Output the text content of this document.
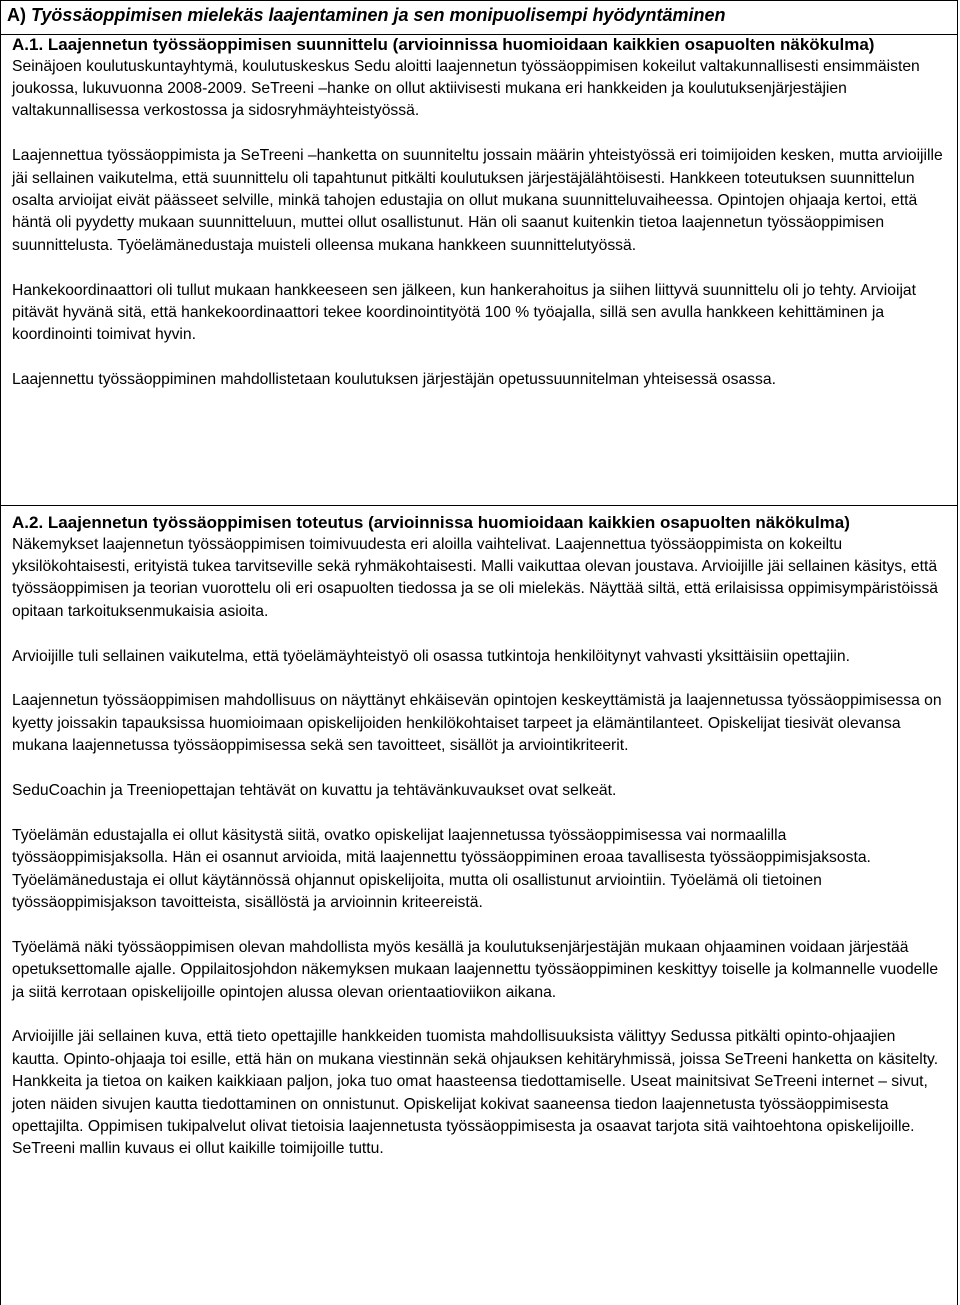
A) Työssäoppimisen mielekäs laajentaminen ja sen monipuolisempi hyödyntäminen
A.1. Laajennetun työssäoppimisen suunnittelu (arvioinnissa huomioidaan kaikkien osapuolten näkökulma)

Seinäjoen koulutuskuntayhtymä, koulutuskeskus Sedu aloitti laajennetun työssäoppimisen kokeilut valtakunnallisesti ensimmäisten joukossa, lukuvuonna 2008-2009. SeTreeni –hanke on ollut aktiivisesti mukana eri hankkeiden ja koulutuksenjärjestäjien valtakunnallisessa verkostossa ja sidosryhmäyhteistyössä.

Laajennettua työssäoppimista ja SeTreeni –hanketta on suunniteltu jossain määrin yhteistyössä eri toimijoiden kesken, mutta arvioijille jäi sellainen vaikutelma, että suunnittelu oli tapahtunut pitkälti koulutuksen järjestäjälähtöisesti. Hankkeen toteutuksen suunnittelun osalta arvioijat eivät päässeet selville, minkä tahojen edustajia on ollut mukana suunnitteluvaiheessa. Opintojen ohjaaja kertoi, että häntä oli pyydetty mukaan suunnitteluun, muttei ollut osallistunut. Hän oli saanut kuitenkin tietoa laajennetun työssäoppimisen suunnittelusta. Työelämänedustaja muisteli olleensa mukana hankkeen suunnittelutyössä.

Hankekoordinaattori oli tullut mukaan hankkeeseen sen jälkeen, kun hankerahoitus ja siihen liittyvä suunnittelu oli jo tehty. Arvioijat pitävät hyvänä sitä, että hankekoordinaattori tekee koordinointityötä 100 % työajalla, sillä sen avulla hankkeen kehittäminen ja koordinointi toimivat hyvin.

Laajennettu työssäoppiminen mahdollistetaan koulutuksen järjestäjän opetussuunnitelman yhteisessä osassa.

A.2. Laajennetun työssäoppimisen toteutus (arvioinnissa huomioidaan kaikkien osapuolten näkökulma)

Näkemykset laajennetun työssäoppimisen toimivuudesta eri aloilla vaihtelivat. Laajennettua työssäoppimista on kokeiltu yksilökohtaisesti, erityistä tukea tarvitseville sekä ryhmäkohtaisesti. Malli vaikuttaa olevan joustava. Arvioijille jäi sellainen käsitys, että työssäoppimisen ja teorian vuorottelu oli eri osapuolten tiedossa ja se oli mielekäs. Näyttää siltä, että erilaisissa oppimisympäristöissä opitaan tarkoituksenmukaisia asioita.

Arvioijille tuli sellainen vaikutelma, että työelämäyhteistyö oli osassa tutkintoja henkilöitynyt vahvasti yksittäisiin opettajiin.

Laajennetun työssäoppimisen mahdollisuus on näyttänyt ehkäisevän opintojen keskeyttämistä ja laajennetussa työssäoppimisessa on kyetty joissakin tapauksissa huomioimaan opiskelijoiden henkilökohtaiset tarpeet ja elämäntilanteet. Opiskelijat tiesivät olevansa mukana laajennetussa työssäoppimisessa sekä sen tavoitteet, sisällöt ja arviointikriteerit.

SeduCoachin ja Treeniopettajan tehtävät on kuvattu ja tehtävänkuvaukset ovat selkeät.

Työelämän edustajalla ei ollut käsitystä siitä, ovatko opiskelijat laajennetussa työssäoppimisessa vai normaalilla työssäoppimisjaksolla. Hän ei osannut arvioida, mitä laajennettu työssäoppiminen eroaa tavallisesta työssäoppimisjaksosta. Työelämänedustaja ei ollut käytännössä ohjannut opiskelijoita, mutta oli osallistunut arviointiin. Työelämä oli tietoinen työssäoppimisjakson tavoitteista, sisällöstä ja arvioinnin kriteereistä.

Työelämä näki työssäoppimisen olevan mahdollista myös kesällä ja koulutuksenjärjestäjän mukaan ohjaaminen voidaan järjestää opetuksettomalle ajalle. Oppilaitosjohdon näkemyksen mukaan laajennettu työssäoppiminen keskittyy toiselle ja kolmannelle vuodelle ja siitä kerrotaan opiskelijoille opintojen alussa olevan orientaatioviikon aikana.

Arvioijille jäi sellainen kuva, että tieto opettajille hankkeiden tuomista mahdollisuuksista välittyy Sedussa pitkälti opinto-ohjaajien kautta. Opinto-ohjaaja toi esille, että hän on mukana viestinnän sekä ohjauksen kehitäryhmissä, joissa SeTreeni hanketta on käsitelty. Hankkeita ja tietoa on kaiken kaikkiaan paljon, joka tuo omat haasteensa tiedottamiselle. Useat mainitsivat SeTreeni internet – sivut, joten näiden sivujen kautta tiedottaminen on onnistunut. Opiskelijat kokivat saaneensa tiedon laajennetusta työssäoppimisesta opettajilta. Oppimisen tukipalvelut olivat tietoisia laajennetusta työssäoppimisesta ja osaavat tarjota sitä vaihtoehtona opiskelijoille. SeTreeni mallin kuvaus ei ollut kaikille toimijoille tuttu.
